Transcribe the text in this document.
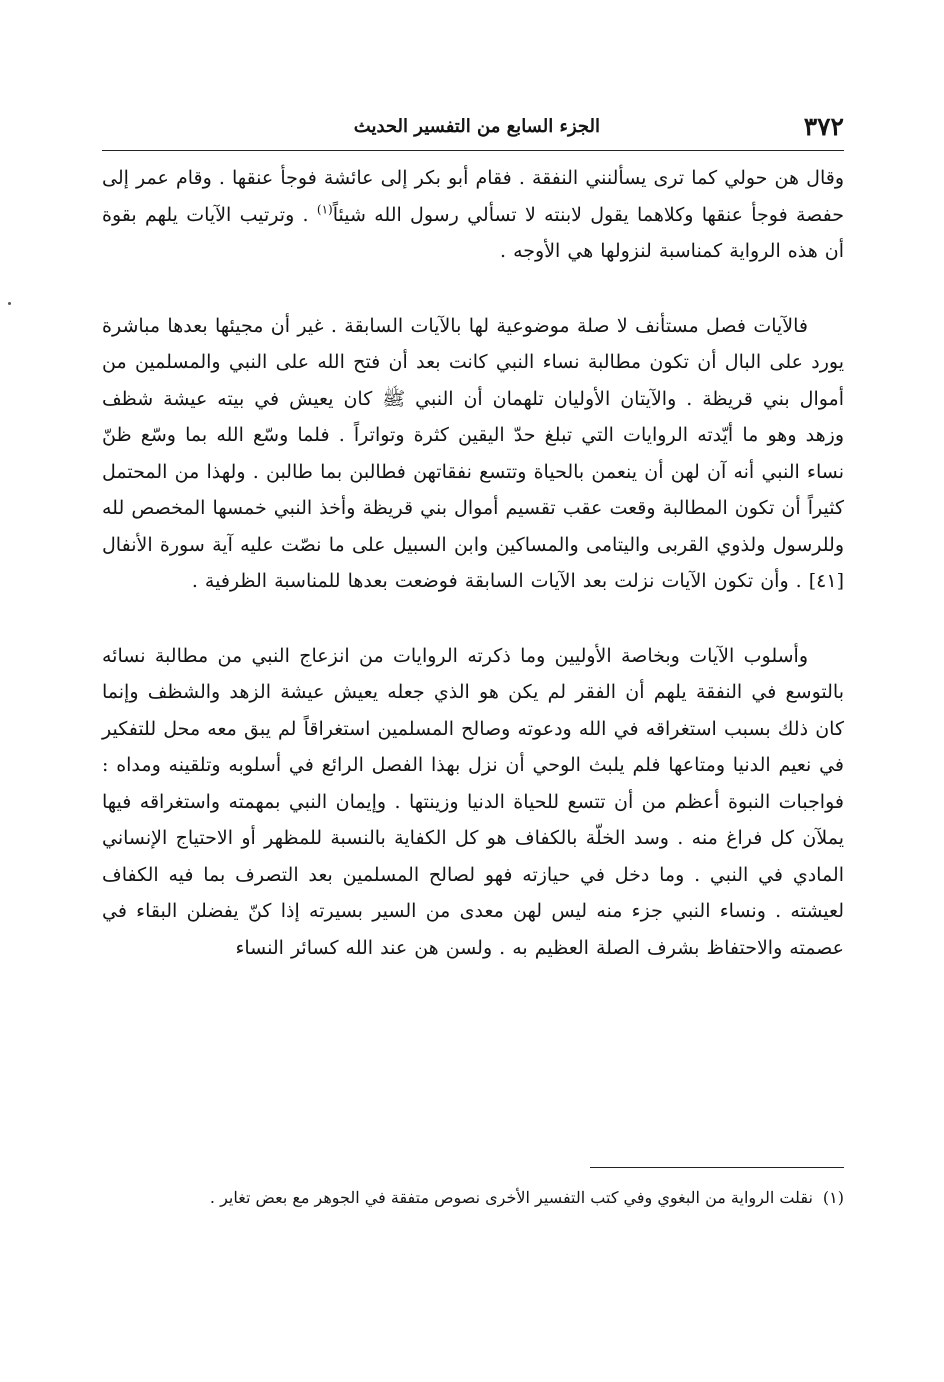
٣٧٢
الجزء السابع من التفسير الحديث

وقال هن حولي كما ترى يسألنني النفقة . فقام أبو بكر إلى عائشة فوجأ عنقها . وقام عمر إلى حفصة فوجأ عنقها وكلاهما يقول لابنته لا تسألي رسول الله شيئاً$^{(١)}$ . وترتيب الآيات يلهم بقوة أن هذه الرواية كمناسبة لنزولها هي الأوجه .

فالآيات فصل مستأنف لا صلة موضوعية لها بالآيات السابقة . غير أن مجيئها بعدها مباشرة يورد على البال أن تكون مطالبة نساء النبي كانت بعد أن فتح الله على النبي والمسلمين من أموال بني قريظة . والآيتان الأوليان تلهمان أن النبي ﷺ كان يعيش في بيته عيشة شظف وزهد وهو ما أيّدته الروايات التي تبلغ حدّ اليقين كثرة وتواتراً . فلما وسّع الله بما وسّع ظنّ نساء النبي أنه آن لهن أن ينعمن بالحياة وتتسع نفقاتهن فطالبن بما طالبن . ولهذا من المحتمل كثيراً أن تكون المطالبة وقعت عقب تقسيم أموال بني قريظة وأخذ النبي خمسها المخصص لله وللرسول ولذوي القربى واليتامى والمساكين وابن السبيل على ما نصّت عليه آية سورة الأنفال [٤١] . وأن تكون الآيات نزلت بعد الآيات السابقة فوضعت بعدها للمناسبة الظرفية .

وأسلوب الآيات وبخاصة الأوليين وما ذكرته الروايات من انزعاج النبي من مطالبة نسائه بالتوسع في النفقة يلهم أن الفقر لم يكن هو الذي جعله يعيش عيشة الزهد والشظف وإنما كان ذلك بسبب استغراقه في الله ودعوته وصالح المسلمين استغراقاً لم يبق معه محل للتفكير في نعيم الدنيا ومتاعها فلم يلبث الوحي أن نزل بهذا الفصل الرائع في أسلوبه وتلقينه ومداه : فواجبات النبوة أعظم من أن تتسع للحياة الدنيا وزينتها . وإيمان النبي بمهمته واستغراقه فيها يملآن كل فراغ منه . وسد الخلّة بالكفاف هو كل الكفاية بالنسبة للمظهر أو الاحتياج الإنساني المادي في النبي . وما دخل في حيازته فهو لصالح المسلمين بعد التصرف بما فيه الكفاف لعيشته . ونساء النبي جزء منه ليس لهن معدى من السير بسيرته إذا كنّ يفضلن البقاء في عصمته والاحتفاظ بشرف الصلة العظيم به . ولسن هن عند الله كسائر النساء

(١)نقلت الرواية من البغوي وفي كتب التفسير الأخرى نصوص متفقة في الجوهر مع بعض تغاير .
